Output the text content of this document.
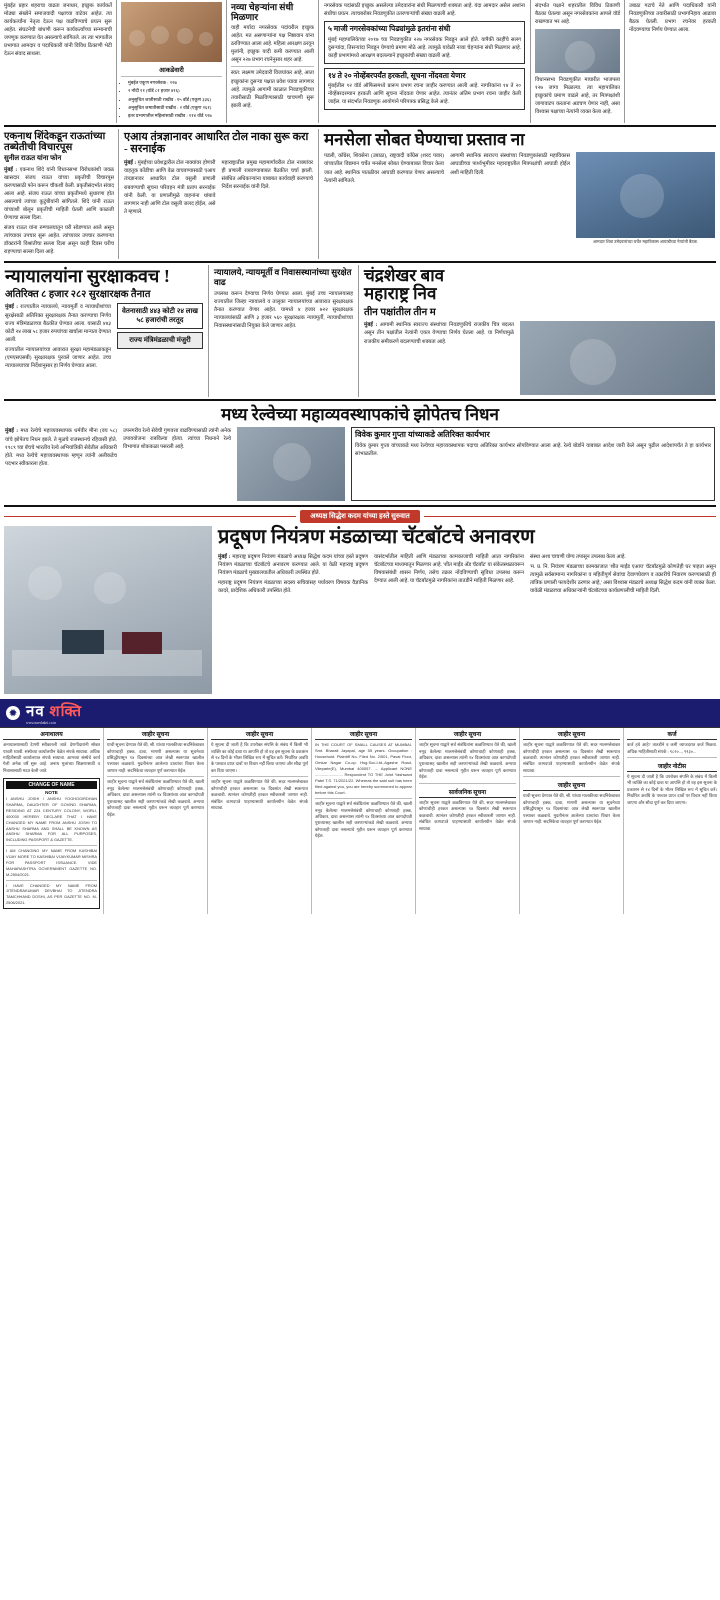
मुंबईत प्रहार शहराचा वाढता जनाधार, इच्छुक कार्यकर्ते मोठ्या संख्येने समाजवादी पक्षाच्या वाटेवर आहेत. त्या कार्यकर्त्यांना नेतृत्व देऊन पक्ष वाढविण्याचे प्रयत्न सुरू आहेत. संघटनेची बांधणी करून कार्यकर्त्यांच्या सन्मानाची जपणूक करण्यात येत असल्याचे सांगितले. तर त्या भागातील प्रभागात आमदार व पदाधिकारी यांनी विविध ठिकाणी भेटी देऊन संवाद साधला.
आकडेवारी
• मुंबईत एकूण नगरसेवक : २२७
• २ नोंदी ११ (वॉर्ड ८१ हजार ४१६)
• अनुसूचित जातीसाठी राखीव : १५ वॉर्ड (एकूण ३३६)
• अनुसूचित जमातीसाठी राखीव : २ वॉर्ड (एकूण २६१)
• इतर प्रभागातील महिलांसाठी राखीव : ११४ वॉर्ड ९२७
नव्या चेहऱ्यांना संधी मिळणार
याही मर्यादा नगरसेवक पदांवरील इच्छुक आहेत. मत असणाऱ्यांना पक्ष निष्ठावान यांना ठरविण्यात आला आहे. महिला आरक्षण ठरवून मुलांनी, इच्छुक यादी कमी करण्यात आली असून २२७ प्रभाग रचनेनुसार शहर आहे.
स्वत: लक्ष्मण उमेदवारी विजयांकर आहे, आता इच्छुकांना दुसऱ्या पक्षात प्रवेश घ्यावा लागणार आहे. त्यामुळे आगामी काळात निवडणुकीच्या तयारीसाठी मिळविण्यासाठी चाचपणी सुरू झाली आहे.
नगरसेवक पदांसाठी इच्छुक असलेल्या उमेदवारांना संधी मिळण्याची शक्यता आहे. यंदा आमदार असेल अशांना संधीचा प्रयत्न. त्याचबरोबर निवडणुकीत उतरणाऱ्यांची संख्या वाढली आहे.
५ माजी नगरसेवकांच्या पिढ्यांमुळे इतरांना संधी
मुंबई महापालिकेच्या २०१७ च्या निवडणुकीत २२७ नगरसेवक निवडून आले होते. यापैकी काहींचे सलग दुसऱ्यांदा, तिसऱ्यांदा निवडून येण्याचे प्रमाण मोठे आहे. त्यामुळे यावेळी नव्या चेहऱ्यांना संधी मिळणार आहे. काही प्रभागांमध्ये आरक्षण बदलल्याने इच्छुकांची संख्या वाढली आहे.
१४ ते २० नोव्हेंबरपर्यंत हरकती, सूचना नोंदवता येणार
मुंबईतील ९२ वॉर्ड ऑफिसमध्ये प्रारूप प्रभाग रचना जाहीर करण्यात आली आहे. नागरिकांना १४ ते २० नोव्हेंबरदरम्यान हरकती आणि सूचना नोंदवता येणार आहेत. त्यानंतर अंतिम प्रभाग रचना जाहीर केली जाईल. या संदर्भात निवडणूक आयोगाने परिपत्रक प्रसिद्ध केले आहे.
संदर्भात पक्षाने शहरातील विविध ठिकाणी बैठका घेतल्या असून नगरसेवकांना आपले वॉर्ड राखण्यात भर आहे.
विधानसभा निवडणुकीत माघारीत भाजपला १२७ जागा मिळाल्या. त्या महापालिका इच्छुकांचे प्रमाण वाढले आहे, तर मित्रपक्षांशी जागावाटप करताना अडचण येणार नाही, असा विश्वास पक्षाच्या नेत्यांनी व्यक्त केला आहे.
उबाठा गटाचे नेते आणि पदाधिकारी यांनी निवडणुकीच्या तयारीसाठी प्रभागनिहाय आढावा बैठक घेतली. प्रभाग रचनेवर हरकती नोंदवण्याचा निर्णय घेण्यात आला.
एकनाथ शिंदेकडून राऊतांच्या तब्येतीची विचारपूस
सुनील राऊत यांना फोन
मुंबई : एकनाथ शिंदे यांनी विधानसभा विरोधकांशी जवळ खासदार संजय राऊत यांच्या प्रकृतीची विचारपूस करण्यासाठी फोन करून चौकशी केली. प्रकृतीसंदर्भात संवाद आला आहे. संजय राऊत यांच्या प्रकृतीमध्ये सुधारणा होत असल्याचे त्यांच्या कुटुंबीयांनी सांगितले. शिंदे यांनी राऊत यांच्याशी बोलून प्रकृतीची माहिती घेतली आणि काळजी घेण्याचा सल्ला दिला.
संजय राऊत यांना रुग्णालयातून घरी सोडण्यात आले असून त्यांच्यावर उपचार सुरू आहेत. त्यांच्यावर उपचार करणाऱ्या डॉक्टरांनी विश्रांतीचा सल्ला दिला असून काही दिवस घरीच राहण्याचा सल्ला दिला आहे.
एआय तंत्रज्ञानावर आधारित टोल नाका सुरू करा - सरनाईक
मुंबई : मुंबईच्या प्रवेशद्वारील टोल नाक्यांवर होणारी वाहतूक कोंडीचा आणि वेळ वाचवण्यासाठी एआय तंत्रज्ञानावर आधारित टोल वसुली प्रणाली राबवण्याची सूचना परिवहन मंत्री प्रताप सरनाईक यांनी केली. या प्रणालीमुळे वाहनांना थांबावे लागणार नाही आणि टोल वसुली जलद होईल, असे ते म्हणाले.
महाराष्ट्रातील प्रमुख महामार्गांवरील टोल नाक्यांवर ही प्रणाली राबवण्याबाबत बैठकीत चर्चा झाली. संबंधित अधिकाऱ्यांना याबाबत कार्यवाही करण्याचे निर्देश सरनाईक यांनी दिले.
मनसेला सोबत घेण्याचा प्रस्ताव ना
पडली, काँग्रेस, शिवसेना (उबाठा), राष्ट्रवादी काँग्रेस (शरद पवार) यांच्यातील विद्यमान चर्चेत मनसेला सोबत घेण्याबाबत विचार केला जात आहे. स्थानिक पातळीवर आघाडी करण्यात येणार असल्याचे नेत्यांनी सांगितले.
आगामी स्थानिक स्वराज्य संस्थांच्या निवडणुकांसाठी महाविकास आघाडीच्या पार्श्वभूमीवर महाराष्ट्रातील मित्रपक्षांची आघाडी होईल अशी माहिती दिली.
आमदार शिवा उमेदवारांच्या चर्चेत महाविकास आघाडीच्या नेत्यांची बैठक.
न्यायालयांना सुरक्षाकवच !
अतिरिक्त ८ हजार २८२ सुरक्षारक्षक तैनात
मुंबई : राज्यातील न्यायालये, न्यायमूर्ती व न्यायाधीशांच्या सुरक्षेसाठी अतिरिक्त सुरक्षारक्षक तैनात करण्याचा निर्णय राज्य मंत्रिमंडळाच्या बैठकीत घेण्यात आला. यासाठी ४४३ कोटी २४ लाख ५८ हजार रुपयांच्या खर्चाला मान्यता देण्यात आली.
राज्यातील न्यायालयांच्या आवारात सुरक्षा महामंडळाकडून (एमएसएसबी) सुरक्षारक्षक पुरवले जाणार आहेत. उच्च न्यायालयाच्या निर्देशानुसार हा निर्णय घेण्यात आला.
वेतनासाठी ४४३ कोटी २४ लाख ५८ हजारांची तरतूद
राज्य मंत्रिमंडळाची मंजुरी
न्यायालये, न्यायमूर्ती व निवासस्थानांच्या सुरक्षेत वाढ
उपलब्ध करून देण्याचा निर्णय घेण्यात आला. मुंबई उच्च न्यायालयासह राज्यातील जिल्हा न्यायालये व तालुका न्यायालयांच्या आवारात सुरक्षारक्षक तैनात करण्यात येणार आहेत. यामध्ये ४ हजार ७२२ सुरक्षारक्षक न्यायालयांसाठी आणि ३ हजार ५६० सुरक्षारक्षक न्यायमूर्ती, न्यायाधीशांच्या निवासस्थानांसाठी नियुक्त केले जाणार आहेत.
चंद्रशेखर बाव
महाराष्ट्र निव
तीन पक्षांतील तीन म
मुंबई : आगामी स्थानिक स्वराज्य संस्थांच्या निवडणुकीचे राजकीय चित्र बदलत असून तीन पक्षांतील नेत्यांनी एकत्र येण्याचा निर्णय घेतला आहे. या निर्णयामुळे राजकीय समीकरणे बदलण्याची शक्यता आहे.
मध्य रेल्वेच्या महाव्यवस्थापकांचे झोपेतच निधन
मुंबई : मध्य रेल्वेचे महाव्यवस्थापक धर्मवीर मीना (वय ५८) यांचे झोपेतच निधन झाले. ते मूळचे राजस्थानचे रहिवासी होते. १९८९ च्या बॅचचे भारतीय रेल्वे अभियांत्रिकी सेवेतील अधिकारी होते. मध्य रेल्वेचे महाव्यवस्थापक म्हणून त्यांनी अलीकडेच पदभार स्वीकारला होता.
उपनगरीय रेल्वे सेवेची गुणवत्ता वाढविण्यासाठी त्यांनी अनेक उपाययोजना राबविल्या होत्या. त्यांच्या निधनाने रेल्वे विभागात शोककळा पसरली आहे.
विवेक कुमार गुप्ता यांच्याकडे अतिरिक्त कार्यभार
विवेक कुमार गुप्ता यांच्याकडे मध्य रेल्वेच्या महाव्यवस्थापक पदाचा अतिरिक्त कार्यभार सोपविण्यात आला आहे. रेल्वे बोर्डाने याबाबत आदेश जारी केले असून पुढील आदेशापर्यंत ते हा कार्यभार सांभाळतील.
अध्यक्ष सिद्धेश कदम यांच्या हस्ते सुरुवात
प्रदूषण नियंत्रण मंडळाच्या चॅटबॉटचे अनावरण
मुंबई : महाराष्ट्र प्रदूषण नियंत्रण मंडळाचे अध्यक्ष सिद्धेश कदम यांच्या हस्ते प्रदूषण नियंत्रण मंडळाच्या चॅटबॉटचे अनावरण करण्यात आले. या वेळी महाराष्ट्र प्रदूषण नियंत्रण मंडळाचे मुख्यालयातील अधिकारी उपस्थित होते.
महाराष्ट्र प्रदूषण नियंत्रण मंडळाच्या सदस्य सचिवांसह पर्यावरण विषयक वैज्ञानिक कादरे, प्रादेशिक अधिकारी उपस्थित होते.
यासंदर्भातील माहिती आणि मंडळाच्या कामकाजाची माहिती आता नागरिकांना चॅटबॉटच्या माध्यमातून मिळणार आहे. 'शीत माईंड अँड चॅटबॉट' या संकेतस्थळावरून विषयासंबंधी शासन निर्णय, तसेच तक्रार नोंदविण्याची सुविधा उपलब्ध करून देण्यात आली आहे. या चॅटबॉटमुळे नागरिकांना तातडीने माहिती मिळणार आहे.
संस्था अशा चाचणी योग्य तपासून उपलब्ध केला आहे.
'म. प्र. नि. नियंत्रण मंडळाच्या कामकाजात 'शीत माईंड एआय' चॅटबॉटमुळे कोणतेही घर पाहता असून त्यामुळे सर्वसामान्य नागरिकांना व महितीपूर्ण सेवांचा देवाणघेवाण व तक्रारीचे निवारण करण्यासाठी ही तांत्रिक प्रणाली फायदेशीर ठरणार आहे,' असा विश्वास मंडळाचे अध्यक्ष सिद्धेश कदम यांनी व्यक्त केला. यावेळी मंडळाच्या अधिकाऱ्यांनी चॅटबॉटच्या कार्यप्रणालीची माहिती दिली.
✹ नव शक्ति
www.navshakti.co.in
अनाथालय
अनाथालयासाठी देणगी स्वीकारली जाते. देणगीदारांनी सोबत पावती घ्यावी. संस्थेच्या कार्यालयीन वेळेत संपर्क साधावा. अधिक माहितीसाठी कार्यालयात संपर्क साधावा. आमच्या संस्थेचे कार्य गेली अनेक वर्षे सुरू आहे. अनाथ मुलांच्या शिक्षणासाठी व निवासासाठी मदत केली जाते.
CHANGE OF NAME
NOTE
I ANSHU JOSHI / ANSHU YOGHOGIRDHAN SHARMA, DAUGHTER OF GOVIND SHARMA, RESIDING AT 224 CENTURY COLONY, WORLI, 400030 HEREBY DECLARE THAT I HAVE CHANGED MY NAME FROM ANSHU JOSHI TO ANSHU SHARMA AND SHALL BE KNOWN AS ANSHU SHARMA FOR ALL PURPOSES, INCLUDING PASSPORT & GAZETTE.
I AM CHANGING MY NAME FROM KASHIBAI VIJAY MORE TO KASHIBAI VIJAYKUMAR MISHRA FOR PASSPORT ISSUANCE. VIDE MAHARASHTRA GOVERNMENT GAZETTE NO. M-2504/2021.
I HAVE CHANGED MY NAME FROM JITENDRAKUMAR DEVBHAI TO JITENDRA TAMCHHAND DOSHI, AS PER GAZETTE NO. M-2506/2021.
जाहीर सूचना
याची सूचना देण्यात येते की, श्री. यांच्या मालकीच्या सदनिकेबाबत कोणाचाही हक्क, दावा, मागणी असल्यास या सूचनेच्या प्रसिद्धीपासून १४ दिवसांच्या आत लेखी स्वरूपात खालील पत्त्यावर कळवावे. मुदतीनंतर आलेल्या दाव्यांचा विचार केला जाणार नाही. सदनिकेचा व्यवहार पूर्ण करण्यात येईल.
जाहीर सूचना याद्वारे सर्व संबंधितांना कळविण्यात येते की, खाली नमूद केलेल्या मालमत्तेसंबंधी कोणाचाही कोणताही हक्क, अधिकार, दावा असल्यास त्यांनी १४ दिवसांच्या आत कागदोपत्री पुराव्यासह खालील सही करणाऱ्यांकडे लेखी कळवावे. अन्यथा कोणताही दावा नसल्याचे गृहीत धरून व्यवहार पूर्ण करण्यात येईल.
जाहीर सूचना
ये सूचना दी जाती है कि उपरोक्त संपत्ति के संबंध में किसी भी व्यक्ति का कोई दावा या आपत्ति हो तो वह इस सूचना के प्रकाशन से १४ दिनों के भीतर लिखित रूप में सूचित करें। निर्धारित अवधि के पश्चात प्राप्त दावों पर विचार नहीं किया जाएगा और सौदा पूर्ण कर दिया जाएगा।
जाहीर सूचना याद्वारे कळविण्यात येते की, सदर मालमत्तेबाबत कोणाचीही हरकत असल्यास १४ दिवसांत लेखी स्वरूपात कळवावी. त्यानंतर कोणतीही हरकत स्वीकारली जाणार नाही. संबंधित कागदपत्रे पाहण्यासाठी कार्यालयीन वेळेत संपर्क साधावा.
जाहीर सूचना
IN THE COURT OF SMALL CAUSES AT MUMBAI. Smt. Bharati Jayapal, age 55 years. Occupation : Household. Plaintiff No. Filed No. 2/501, Pavai Floor, Omkar Nagar Co-op. Hsg.Soc.Ltd.,Agashe Road, Vileparle(E), Mumbai 400057. ... Applicant NONE ......................... Respondent TO THE Joint Yashwant Patel T.S. 71/2021/22. Whereas the said suit has been filed against you, you are hereby summoned to appear before this Court.
जाहीर सूचना याद्वारे सर्व संबंधितांना कळविण्यात येते की, खाली नमूद केलेल्या मालमत्तेसंबंधी कोणाचाही कोणताही हक्क, अधिकार, दावा असल्यास त्यांनी १४ दिवसांच्या आत कागदोपत्री पुराव्यासह खालील सही करणाऱ्यांकडे लेखी कळवावे. अन्यथा कोणताही दावा नसल्याचे गृहीत धरून व्यवहार पूर्ण करण्यात येईल.
जाहीर सूचना
जाहीर सूचना याद्वारे सर्व संबंधितांना कळविण्यात येते की, खाली नमूद केलेल्या मालमत्तेसंबंधी कोणाचाही कोणताही हक्क, अधिकार, दावा असल्यास त्यांनी १४ दिवसांच्या आत कागदोपत्री पुराव्यासह खालील सही करणाऱ्यांकडे लेखी कळवावे. अन्यथा कोणताही दावा नसल्याचे गृहीत धरून व्यवहार पूर्ण करण्यात येईल.
सार्वजनिक सूचना
जाहीर सूचना याद्वारे कळविण्यात येते की, सदर मालमत्तेबाबत कोणाचीही हरकत असल्यास १४ दिवसांत लेखी स्वरूपात कळवावी. त्यानंतर कोणतीही हरकत स्वीकारली जाणार नाही. संबंधित कागदपत्रे पाहण्यासाठी कार्यालयीन वेळेत संपर्क साधावा.
जाहीर सूचना
जाहीर सूचना याद्वारे कळविण्यात येते की, सदर मालमत्तेबाबत कोणाचीही हरकत असल्यास १४ दिवसांत लेखी स्वरूपात कळवावी. त्यानंतर कोणतीही हरकत स्वीकारली जाणार नाही. संबंधित कागदपत्रे पाहण्यासाठी कार्यालयीन वेळेत संपर्क साधावा.
जाहीर सूचना
याची सूचना देण्यात येते की, श्री. यांच्या मालकीच्या सदनिकेबाबत कोणाचाही हक्क, दावा, मागणी असल्यास या सूचनेच्या प्रसिद्धीपासून १४ दिवसांच्या आत लेखी स्वरूपात खालील पत्त्यावर कळवावे. मुदतीनंतर आलेल्या दाव्यांचा विचार केला जाणार नाही. सदनिकेचा व्यवहार पूर्ण करण्यात येईल.
कर्ज
कर्ज हवे आहे? तातडीने व कमी व्याजदरात कर्ज मिळवा. अधिक माहितीसाठी संपर्क : ९८२०..., ९९३०...
जाहीर नोटीस
ये सूचना दी जाती है कि उपरोक्त संपत्ति के संबंध में किसी भी व्यक्ति का कोई दावा या आपत्ति हो तो वह इस सूचना के प्रकाशन से १४ दिनों के भीतर लिखित रूप में सूचित करें। निर्धारित अवधि के पश्चात प्राप्त दावों पर विचार नहीं किया जाएगा और सौदा पूर्ण कर दिया जाएगा।
